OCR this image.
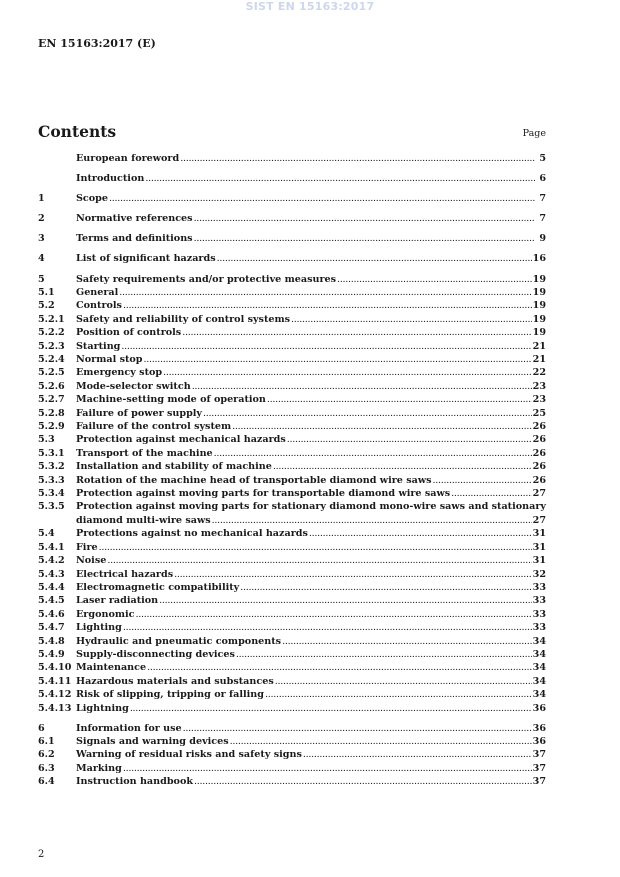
SIST EN 15163:2017
EN 15163:2017 (E)
Contents	Page
European foreword .....	5
Introduction .....	6
1	Scope .....	7
2	Normative references .....	7
3	Terms and definitions .....	9
4	List of significant hazards .....	16
5	Safety requirements and/or protective measures .....	19
5.1	General .....	19
5.2	Controls .....	19
5.2.1	Safety and reliability of control systems .....	19
5.2.2	Position of controls .....	19
5.2.3	Starting .....	21
5.2.4	Normal stop .....	21
5.2.5	Emergency stop .....	22
5.2.6	Mode-selector switch .....	23
5.2.7	Machine-setting mode of operation .....	23
5.2.8	Failure of power supply .....	25
5.2.9	Failure of the control system .....	26
5.3	Protection against mechanical hazards .....	26
5.3.1	Transport of the machine .....	26
5.3.2	Installation and stability of machine .....	26
5.3.3	Rotation of the machine head of transportable diamond wire saws .....	26
5.3.4	Protection against moving parts for transportable diamond wire saws .....	27
5.3.5	Protection against moving parts for stationary diamond mono-wire saws and stationary
diamond multi-wire saws .....	27
5.4	Protections against no mechanical hazards .....	31
5.4.1	Fire .....	31
5.4.2	Noise .....	31
5.4.3	Electrical hazards .....	32
5.4.4	Electromagnetic compatibility .....	33
5.4.5	Laser radiation .....	33
5.4.6	Ergonomic .....	33
5.4.7	Lighting .....	33
5.4.8	Hydraulic and pneumatic components .....	34
5.4.9	Supply-disconnecting devices .....	34
5.4.10 Maintenance .....	34
5.4.11 Hazardous materials and substances .....	34
5.4.12 Risk of slipping, tripping or falling .....	34
5.4.13 Lightning .....	36
6	Information for use .....	36
6.1	Signals and warning devices .....	36
6.2	Warning of residual risks and safety signs .....	37
6.3	Marking .....	37
6.4	Instruction handbook .....	37
2
